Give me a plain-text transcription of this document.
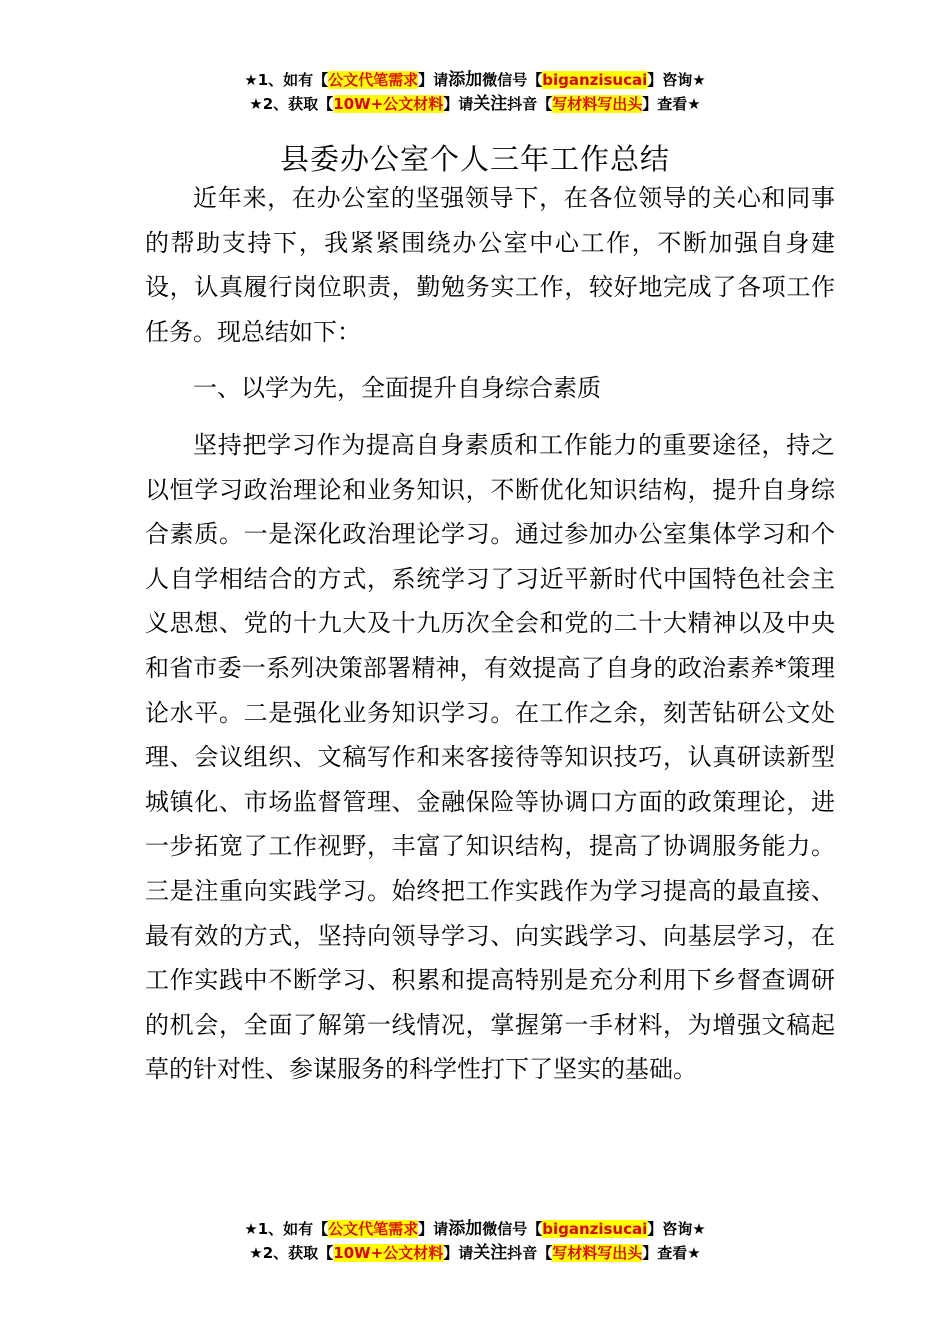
★1、如有【公文代笔需求】请添加微信号【biganzisucai】咨询★
★2、获取【10W+公文材料】请关注抖音【写材料写出头】查看★
县委办公室个人三年工作总结

近年来，在办公室的坚强领导下，在各位领导的关心和同事的帮助支持下，我紧紧围绕办公室中心工作，不断加强自身建设，认真履行岗位职责，勤勉务实工作，较好地完成了各项工作任务。现总结如下：

一、以学为先，全面提升自身综合素质

坚持把学习作为提高自身素质和工作能力的重要途径，持之以恒学习政治理论和业务知识，不断优化知识结构，提升自身综合素质。一是深化政治理论学习。通过参加办公室集体学习和个人自学相结合的方式，系统学习了习近平新时代中国特色社会主义思想、党的十九大及十九历次全会和党的二十大精神以及中央和省市委一系列决策部署精神，有效提高了自身的政治素养*策理论水平。二是强化业务知识学习。在工作之余，刻苦钻研公文处理、会议组织、文稿写作和来客接待等知识技巧，认真研读新型城镇化、市场监督管理、金融保险等协调口方面的政策理论，进一步拓宽了工作视野，丰富了知识结构，提高了协调服务能力。三是注重向实践学习。始终把工作实践作为学习提高的最直接、最有效的方式，坚持向领导学习、向实践学习、向基层学习，在工作实践中不断学习、积累和提高特别是充分利用下乡督查调研的机会，全面了解第一线情况，掌握第一手材料，为增强文稿起草的针对性、参谋服务的科学性打下了坚实的基础。

★1、如有【公文代笔需求】请添加微信号【biganzisucai】咨询★
★2、获取【10W+公文材料】请关注抖音【写材料写出头】查看★
